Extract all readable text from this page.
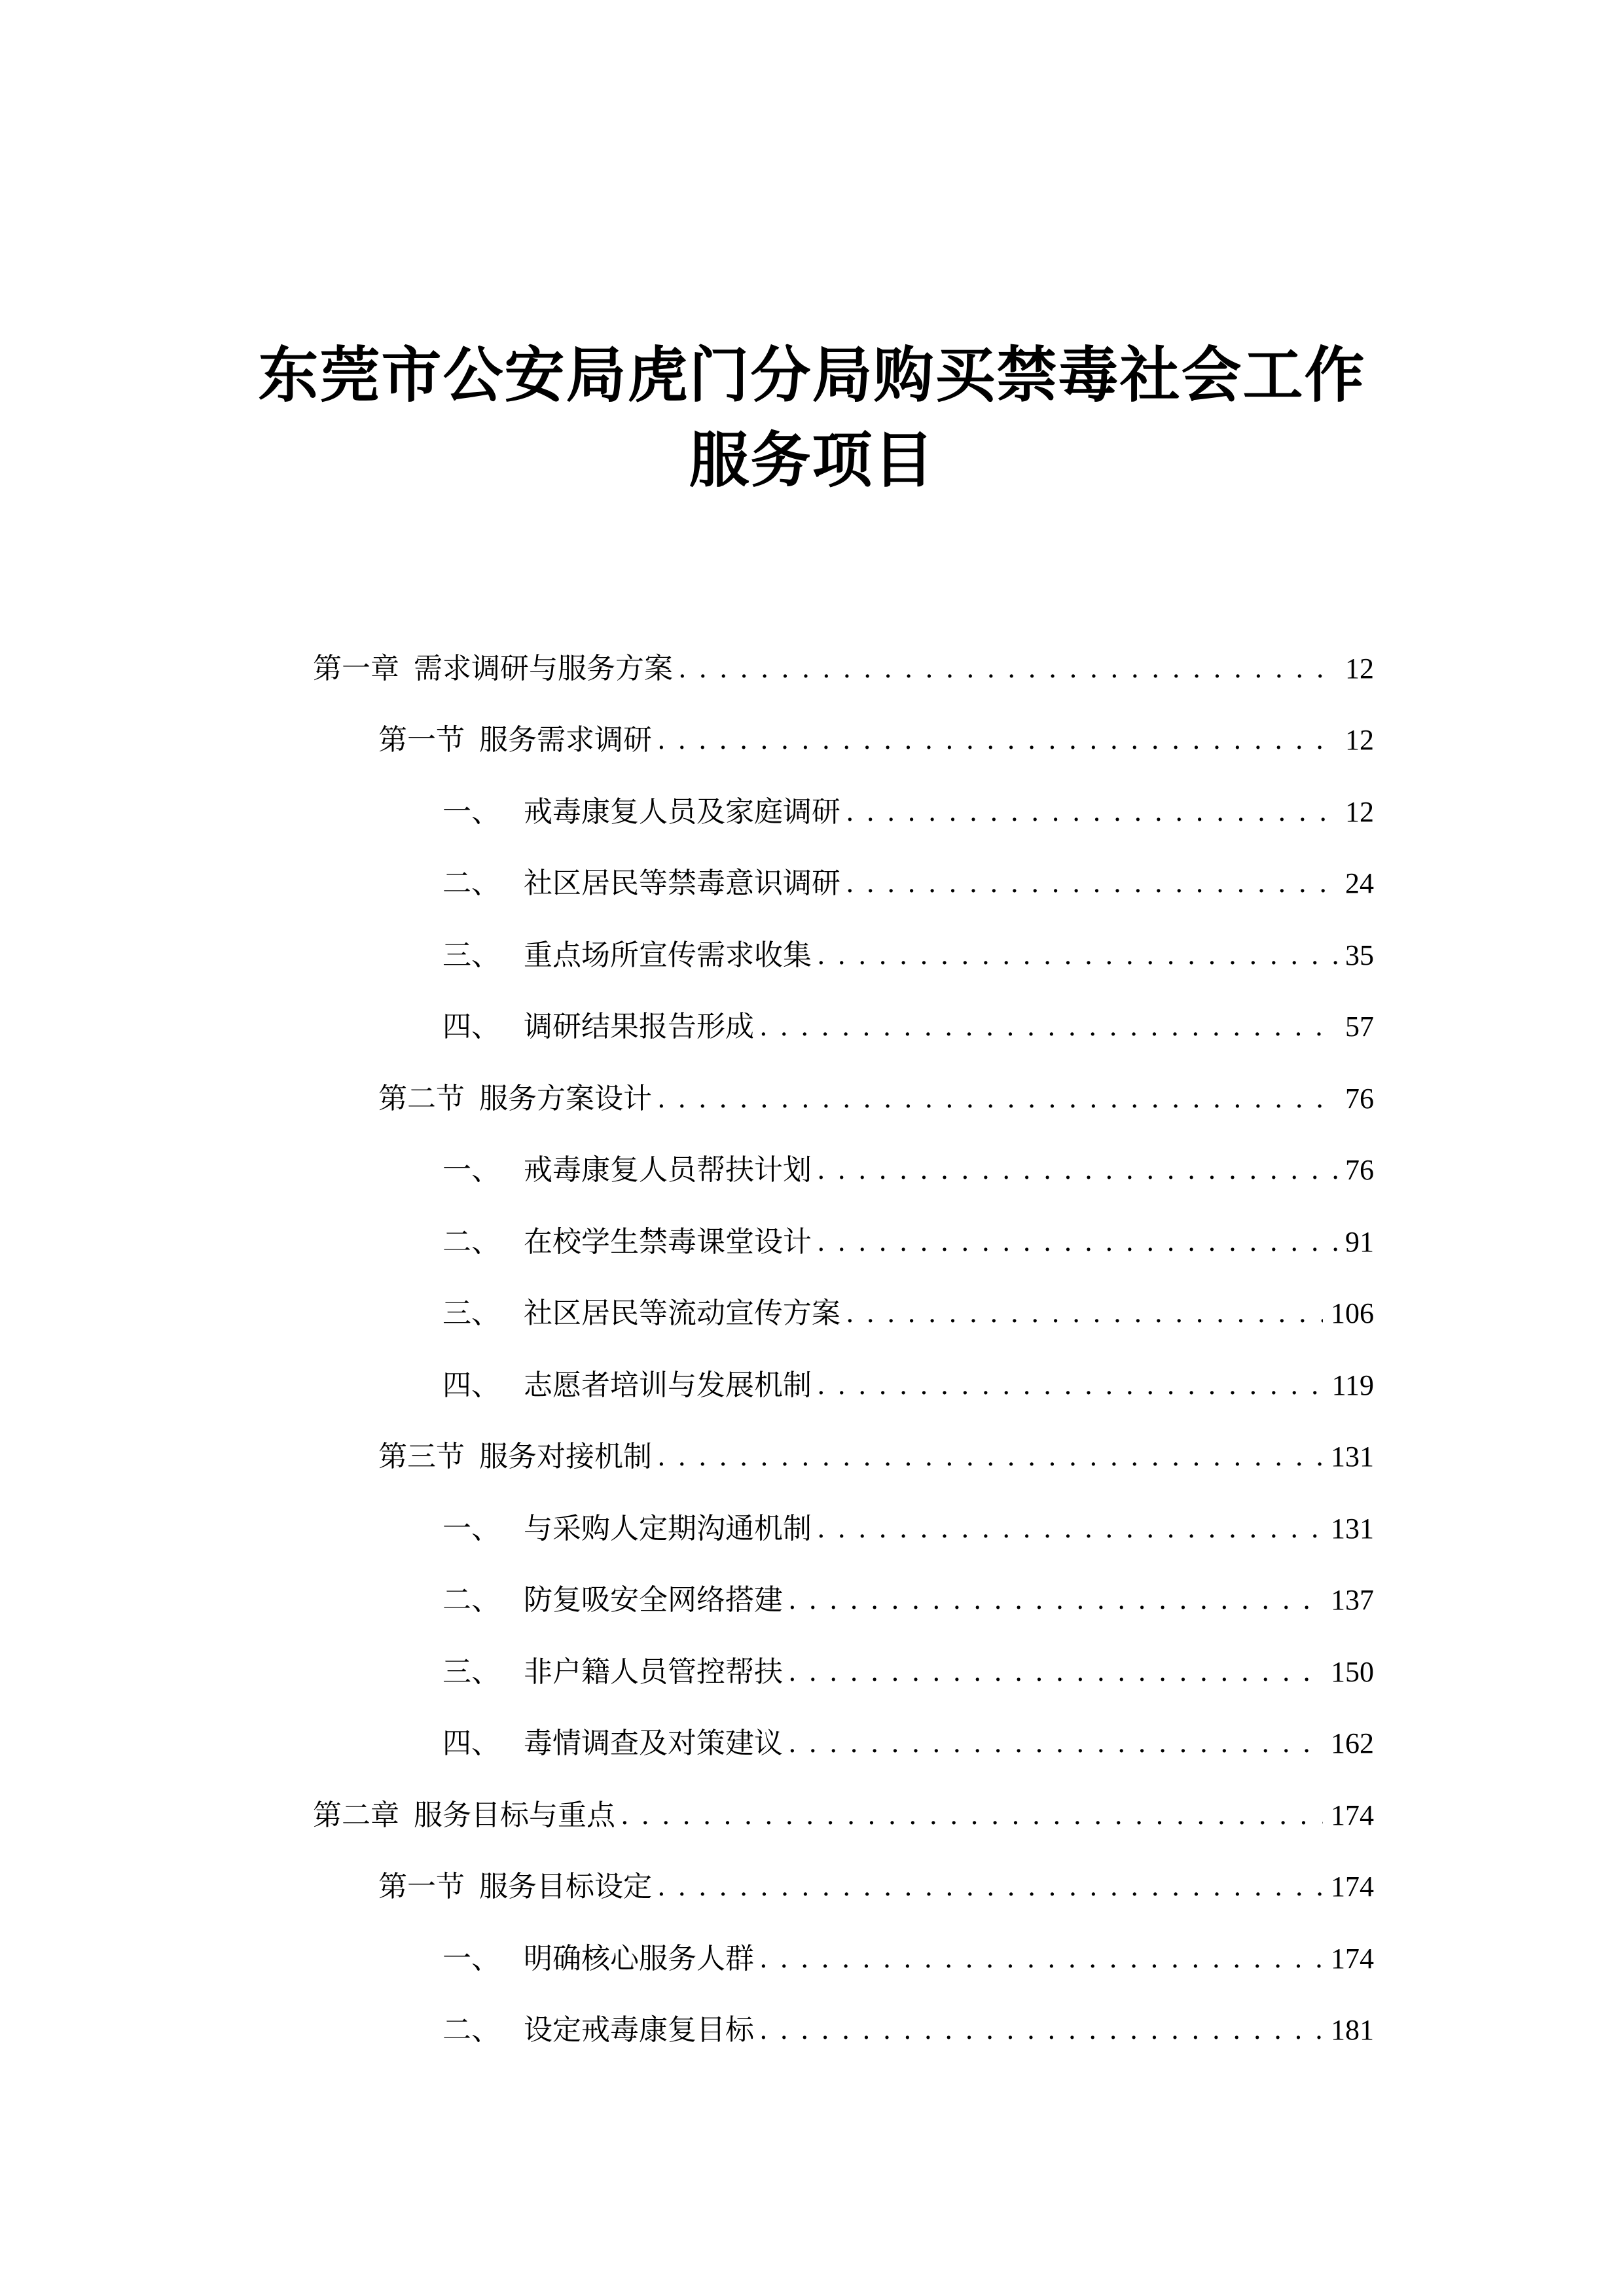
东莞市公安局虎门分局购买禁毒社会工作
服务项目
第一章 需求调研与服务方案 . . .	12
第一节 服务需求调研 . . .	12
一、 戒毒康复人员及家庭调研 . . .	12
二、 社区居民等禁毒意识调研 . . .	24
三、 重点场所宣传需求收集 . . .	35
四、 调研结果报告形成 . . .	57
第二节 服务方案设计 . . .	76
一、 戒毒康复人员帮扶计划 . . .	76
二、 在校学生禁毒课堂设计 . . .	91
三、 社区居民等流动宣传方案 . . .	106
四、 志愿者培训与发展机制 . . .	119
第三节 服务对接机制 . . .	131
一、 与采购人定期沟通机制 . . .	131
二、 防复吸安全网络搭建 . . .	137
三、 非户籍人员管控帮扶 . . .	150
四、 毒情调查及对策建议 . . .	162
第二章 服务目标与重点 . . .	174
第一节 服务目标设定 . . .	174
一、 明确核心服务人群 . . .	174
二、 设定戒毒康复目标 . . .	181
